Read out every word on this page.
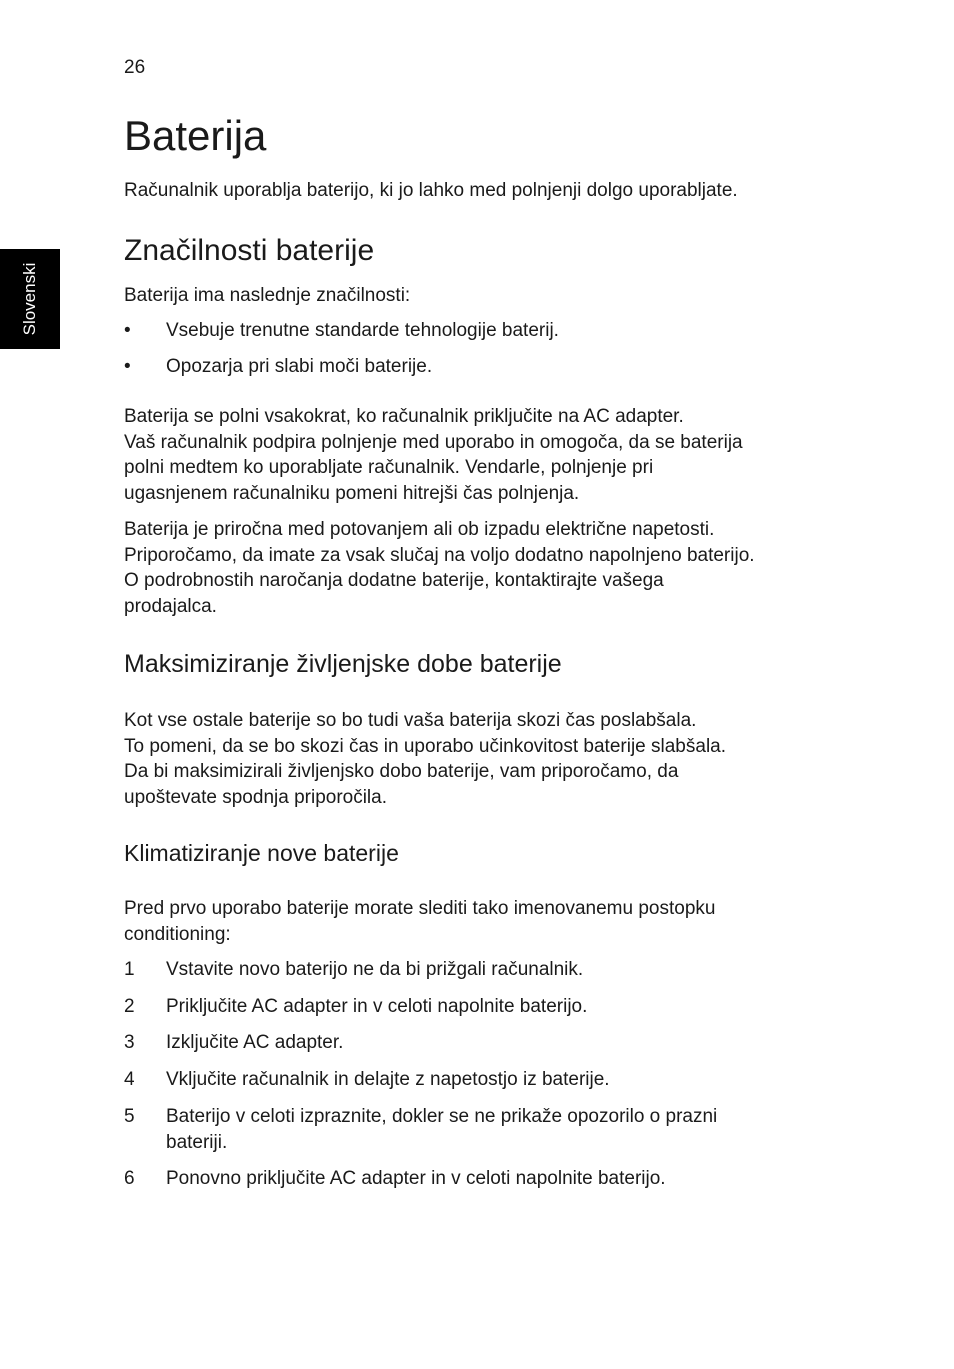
26
Slovenski
Baterija

Računalnik uporablja baterijo, ki jo lahko med polnjenji dolgo uporabljate.

Značilnosti baterije

Baterija ima naslednje značilnosti:

• Vsebuje trenutne standarde tehnologije baterij.
• Opozarja pri slabi moči baterije.

Baterija se polni vsakokrat, ko računalnik priključite na AC adapter.
Vaš računalnik podpira polnjenje med uporabo in omogoča, da se baterija
polni medtem ko uporabljate računalnik. Vendarle, polnjenje pri
ugasnjenem računalniku pomeni hitrejši čas polnjenja.

Baterija je priročna med potovanjem ali ob izpadu električne napetosti.
Priporočamo, da imate za vsak slučaj na voljo dodatno napolnjeno baterijo.
O podrobnostih naročanja dodatne baterije, kontaktirajte vašega
prodajalca.

Maksimiziranje življenjske dobe baterije

Kot vse ostale baterije so bo tudi vaša baterija skozi čas poslabšala.
To pomeni, da se bo skozi čas in uporabo učinkovitost baterije slabšala.
Da bi maksimizirali življenjsko dobo baterije, vam priporočamo, da
upoštevate spodnja priporočila.

Klimatiziranje nove baterije

Pred prvo uporabo baterije morate slediti tako imenovanemu postopku
conditioning:

1 Vstavite novo baterijo ne da bi prižgali računalnik.
2 Priključite AC adapter in v celoti napolnite baterijo.
3 Izključite AC adapter.
4 Vključite računalnik in delajte z napetostjo iz baterije.
5 Baterijo v celoti izpraznite, dokler se ne prikaže opozorilo o prazni
bateriji.
6 Ponovno priključite AC adapter in v celoti napolnite baterijo.
